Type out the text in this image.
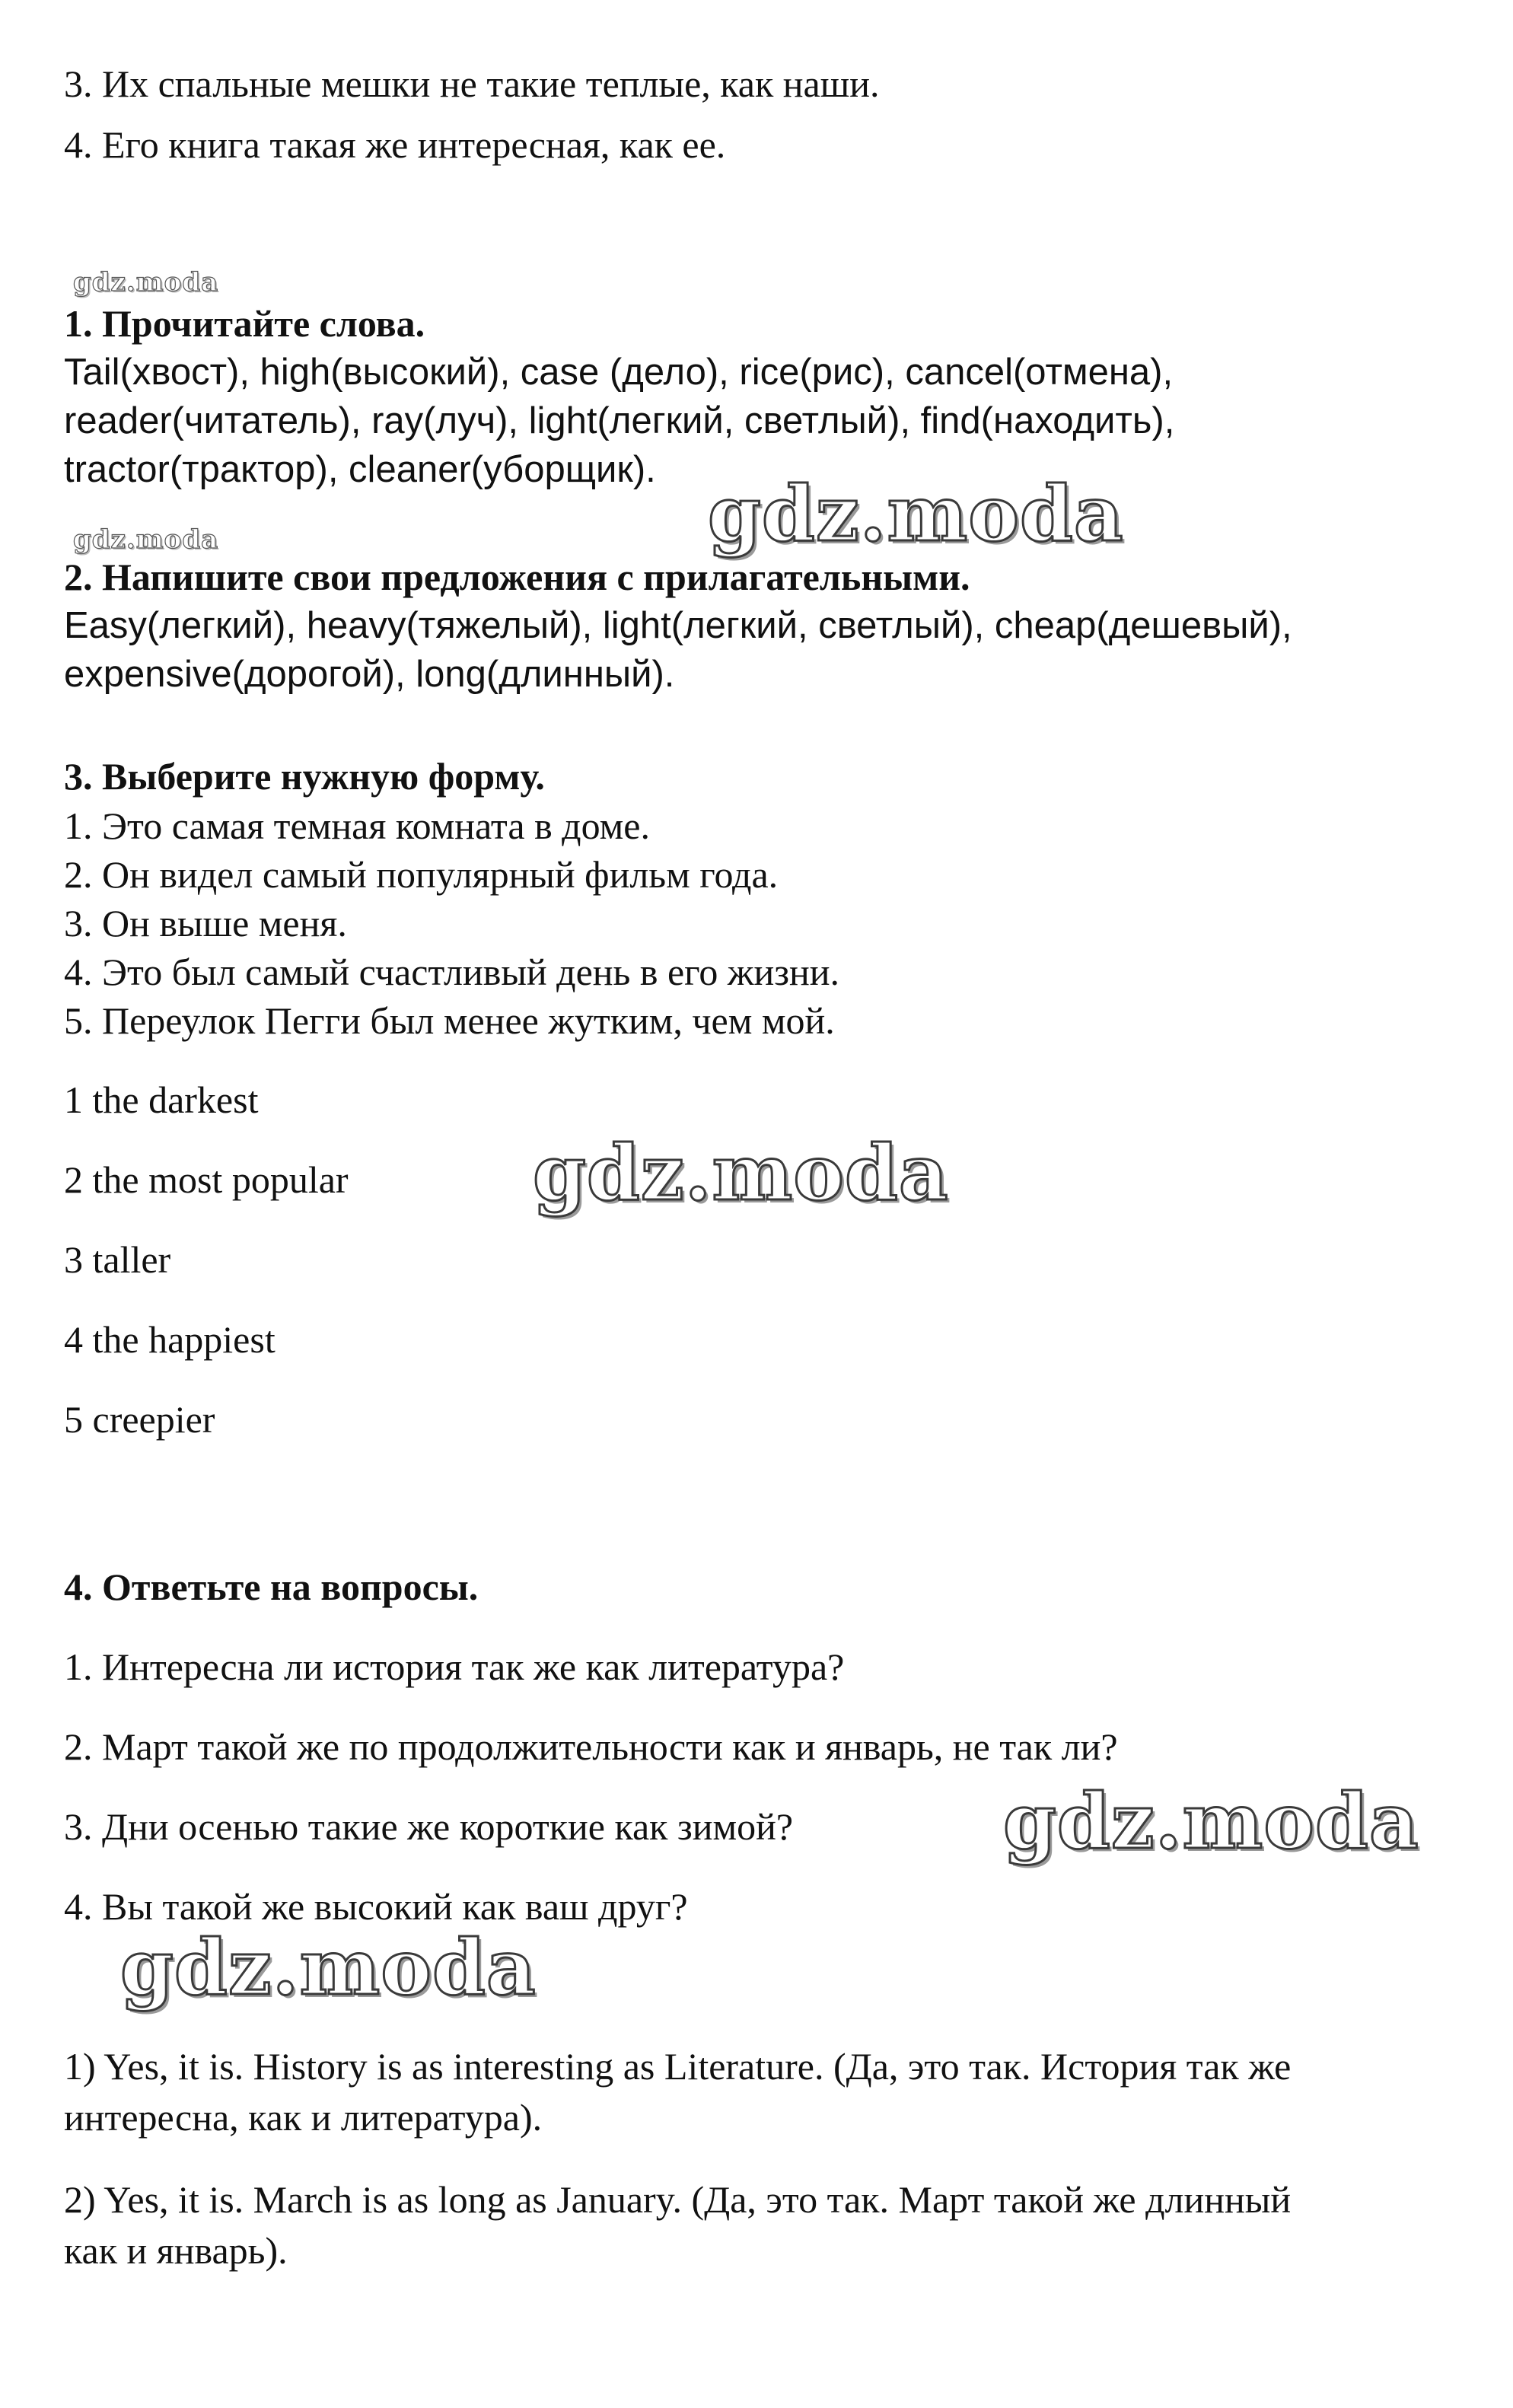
3. Их спальные мешки не такие теплые, как наши.

4. Его книга такая же интересная, как ее.

gdz.moda

1. Прочитайте слова.

Tail(хвост), high(высокий), case (дело), rice(рис), cancel(отмена),

reader(читатель), ray(луч), light(легкий, светлый), find(находить),

tractor(трактор), cleaner(уборщик). gdz.moda

gdz.moda

2. Напишите свои предложения с прилагательными.

Easy(легкий), heavy(тяжелый), light(легкий, светлый), cheap(дешевый),

expensive(дорогой), long(длинный).

3. Выберите нужную форму.

1. Это самая темная комната в доме.

2. Он видел самый популярный фильм года.

3. Он выше меня.

4. Это был самый счастливый день в его жизни.

5. Переулок Пегги был менее жутким, чем мой.

1 the darkest

2 the most popular

3 taller

4 the happiest

5 creepier

gdz.moda

4. Ответьте на вопросы.

1. Интересна ли история так же как литература?

2. Март такой же по продолжительности как и январь, не так ли?

3. Дни осенью такие же короткие как зимой?

4. Вы такой же высокий как ваш друг?

gdz.moda

gdz.moda

1) Yes, it is. History is as interesting as Literature. (Да, это так. История так же

интересна, как и литература).

2) Yes, it is. March is as long as January. (Да, это так. Март такой же длинный

как и январь).
